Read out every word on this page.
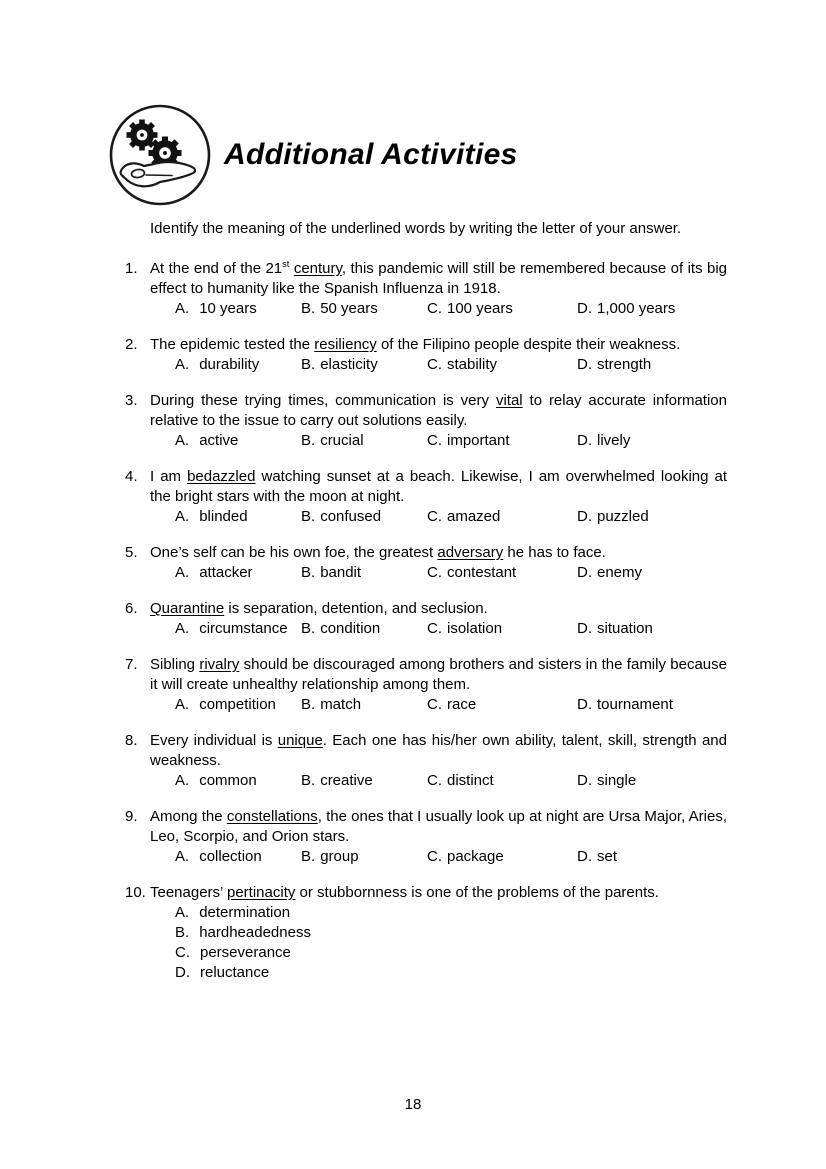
Additional Activities

Identify the meaning of the underlined words by writing the letter of your answer.

1. At the end of the 21st century, this pandemic will still be remembered because of its big effect to humanity like the Spanish Influenza in 1918.
A. 10 years	B. 50 years	C. 100 years	D. 1,000 years
2. The epidemic tested the resiliency of the Filipino people despite their weakness.
A. durability	B. elasticity	C. stability	D. strength
3. During these trying times, communication is very vital to relay accurate information relative to the issue to carry out solutions easily.
A. active	B. crucial	C. important	D. lively
4. I am bedazzled watching sunset at a beach. Likewise, I am overwhelmed looking at the bright stars with the moon at night.
A. blinded	B. confused	C. amazed	D. puzzled
5. One’s self can be his own foe, the greatest adversary he has to face.
A. attacker	B. bandit	C. contestant	D. enemy
6. Quarantine is separation, detention, and seclusion.
A. circumstance B. condition	C. isolation	D. situation
7. Sibling rivalry should be discouraged among brothers and sisters in the family because it will create unhealthy relationship among them.
A. competition	B. match	C. race	D. tournament
8. Every individual is unique. Each one has his/her own ability, talent, skill, strength and weakness.
A. common	B. creative	C. distinct	D. single
9. Among the constellations, the ones that I usually look up at night are Ursa Major, Aries, Leo, Scorpio, and Orion stars.
A. collection	B. group	C. package	D. set
10. Teenagers’ pertinacity or stubbornness is one of the problems of the parents.
A. determination
B. hardheadedness
C. perseverance
D. reluctance
18
